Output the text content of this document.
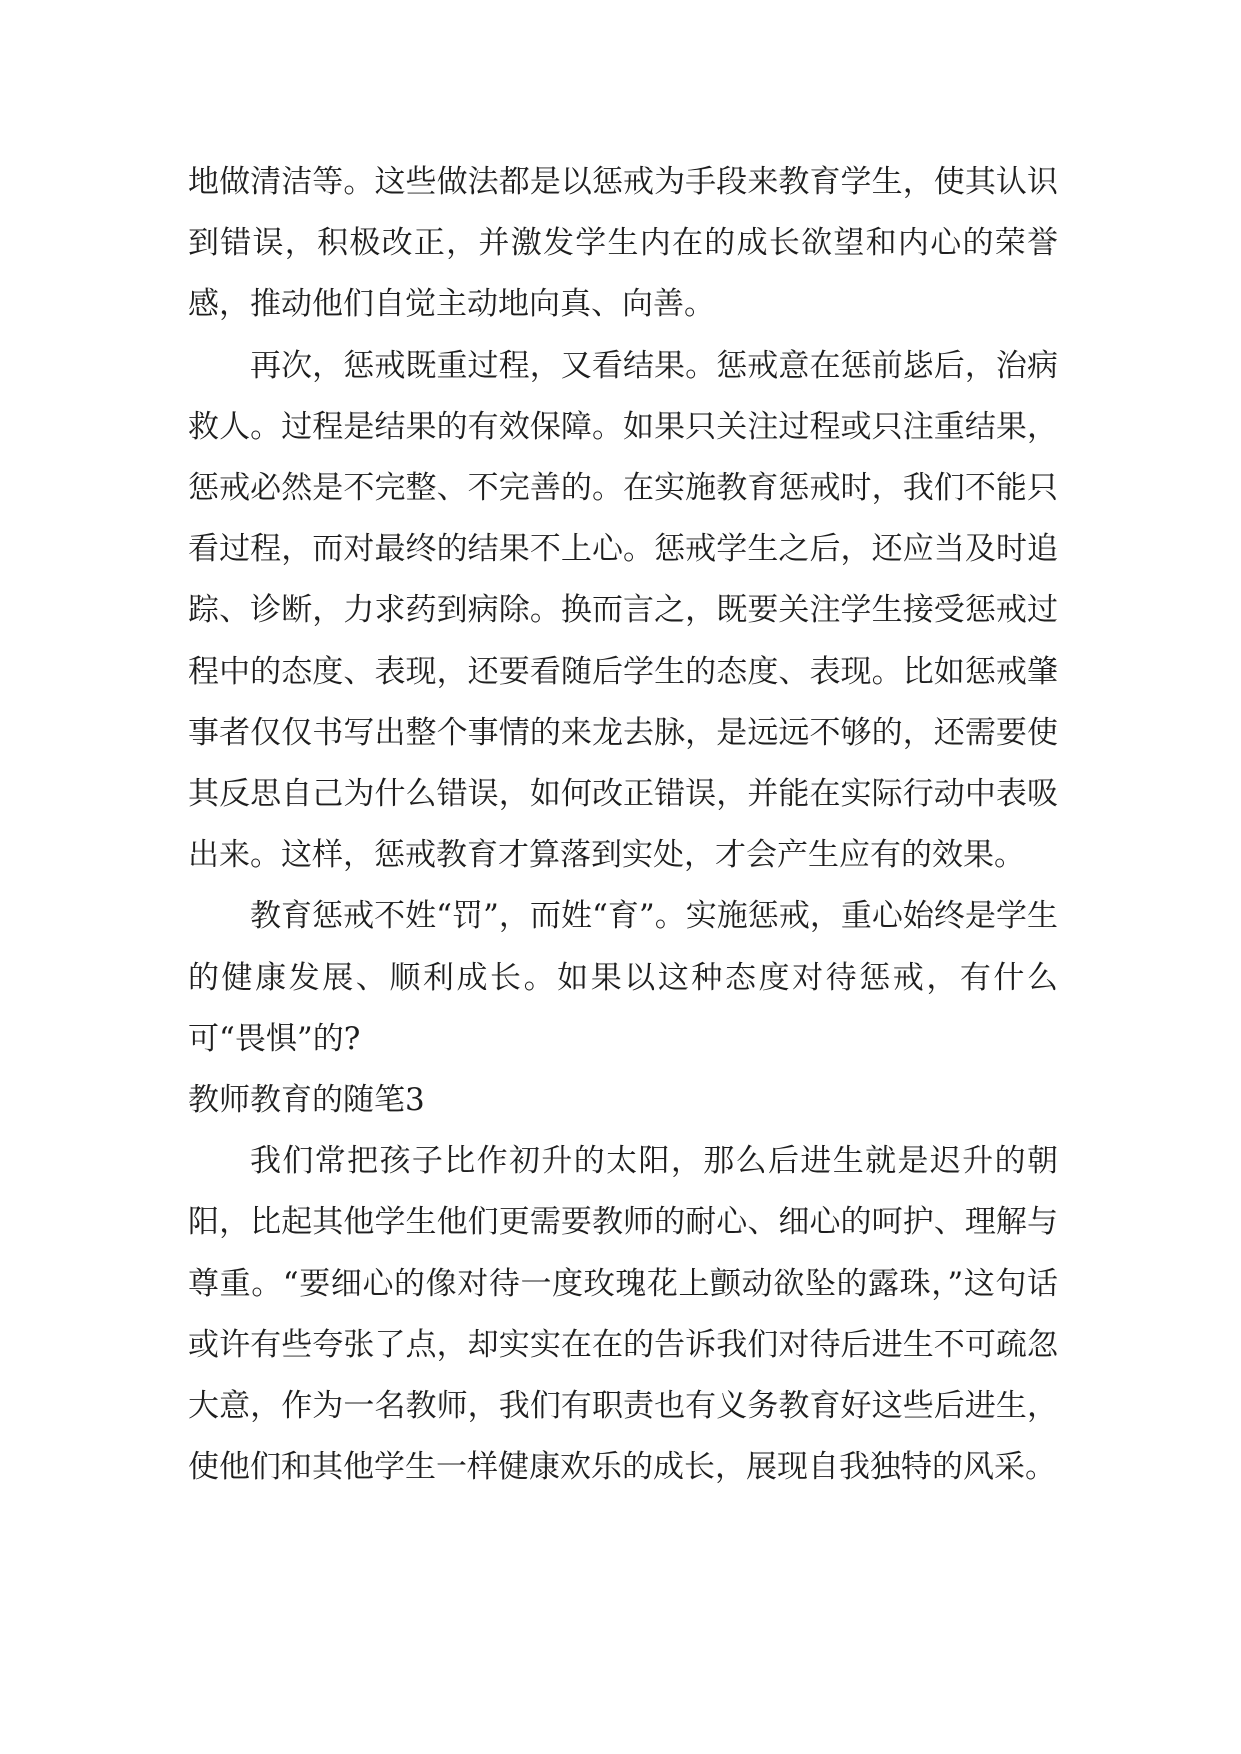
地做清洁等。这些做法都是以惩戒为手段来教育学生，使其认识到错误，积极改正，并激发学生内在的成长欲望和内心的荣誉感，推动他们自觉主动地向真、向善。

再次，惩戒既重过程，又看结果。惩戒意在惩前毖后，治病救人。过程是结果的有效保障。如果只关注过程或只注重结果，惩戒必然是不完整、不完善的。在实施教育惩戒时，我们不能只看过程，而对最终的结果不上心。惩戒学生之后，还应当及时追踪、诊断，力求药到病除。换而言之，既要关注学生接受惩戒过程中的态度、表现，还要看随后学生的态度、表现。比如惩戒肇事者仅仅书写出整个事情的来龙去脉，是远远不够的，还需要使其反思自己为什么错误，如何改正错误，并能在实际行动中表吸出来。这样，惩戒教育才算落到实处，才会产生应有的效果。

教育惩戒不姓“罚”，而姓“育”。实施惩戒，重心始终是学生的健康发展、顺利成长。如果以这种态度对待惩戒，有什么可“畏惧”的?

教师教育的随笔3

我们常把孩子比作初升的太阳，那么后进生就是迟升的朝阳，比起其他学生他们更需要教师的耐心、细心的呵护、理解与尊重。“要细心的像对待一度玫瑰花上颤动欲坠的露珠，”这句话或许有些夸张了点，却实实在在的告诉我们对待后进生不可疏忽大意，作为一名教师，我们有职责也有义务教育好这些后进生，使他们和其他学生一样健康欢乐的成长，展现自我独特的风采。
